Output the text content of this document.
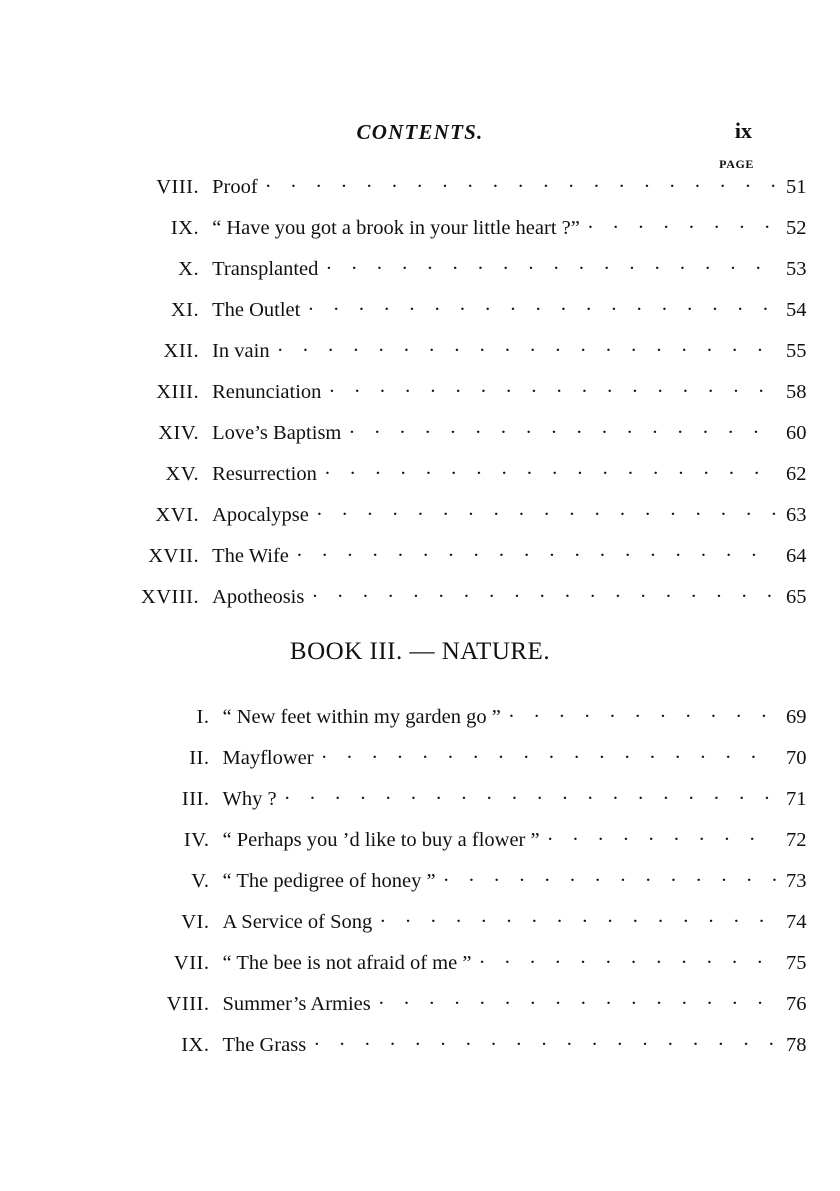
CONTENTS.	ix
PAGE
VIII. Proof . . .	51
IX. “ Have you got a brook in your little heart ?” . . .	52
X. Transplanted . . .	53
XI. The Outlet . . .	54
XII. In vain . . .	55
XIII. Renunciation . . .	58
XIV. Love’s Baptism . . .	60
XV. Resurrection . . .	62
XVI. Apocalypse . . .	63
XVII. The Wife . . .	64
XVIII. Apotheosis . . .	65
BOOK III. — NATURE.
I. “ New feet within my garden go ” . . .	69
II. Mayflower . . .	70
III. Why ? . . .	71
IV. “ Perhaps you ’d like to buy a flower ” . . .	72
V. “ The pedigree of honey ” . . .	73
VI. A Service of Song . . .	74
VII. “ The bee is not afraid of me ” . . .	75
VIII. Summer’s Armies . . .	76
IX. The Grass . . .	78
